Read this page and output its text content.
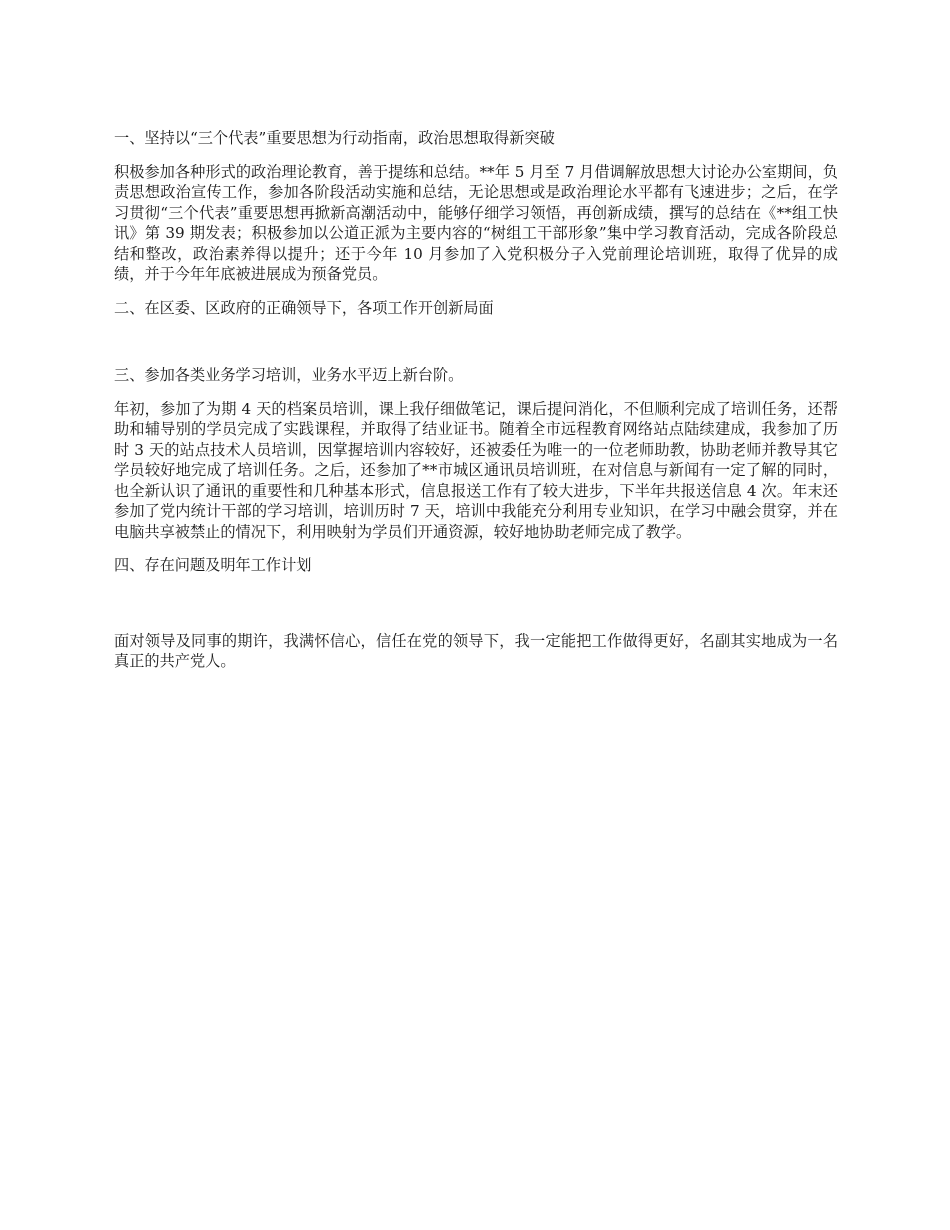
一、坚持以“三个代表”重要思想为行动指南，政治思想取得新突破

积极参加各种形式的政治理论教育，善于提练和总结。**年 5 月至 7 月借调解放思想大讨论办公室期间，负责思想政治宣传工作，参加各阶段活动实施和总结，无论思想或是政治理论水平都有飞速进步；之后，在学习贯彻“三个代表”重要思想再掀新高潮活动中，能够仔细学习领悟，再创新成绩，撰写的总结在《**组工快讯》第 39 期发表；积极参加以公道正派为主要内容的“树组工干部形象”集中学习教育活动，完成各阶段总结和整改，政治素养得以提升；还于今年 10 月参加了入党积极分子入党前理论培训班，取得了优异的成绩，并于今年年底被进展成为预备党员。

二、在区委、区政府的正确领导下，各项工作开创新局面

三、参加各类业务学习培训，业务水平迈上新台阶。

年初，参加了为期 4 天的档案员培训，课上我仔细做笔记，课后提问消化，不但顺利完成了培训任务，还帮助和辅导别的学员完成了实践课程，并取得了结业证书。随着全市远程教育网络站点陆续建成，我参加了历时 3 天的站点技术人员培训，因掌握培训内容较好，还被委任为唯一的一位老师助教，协助老师并教导其它学员较好地完成了培训任务。之后，还参加了**市城区通讯员培训班，在对信息与新闻有一定了解的同时，也全新认识了通讯的重要性和几种基本形式，信息报送工作有了较大进步，下半年共报送信息 4 次。年末还参加了党内统计干部的学习培训，培训历时 7 天，培训中我能充分利用专业知识，在学习中融会贯穿，并在电脑共享被禁止的情况下，利用映射为学员们开通资源，较好地协助老师完成了教学。

四、存在问题及明年工作计划

面对领导及同事的期许，我满怀信心，信任在党的领导下，我一定能把工作做得更好，名副其实地成为一名真正的共产党人。
